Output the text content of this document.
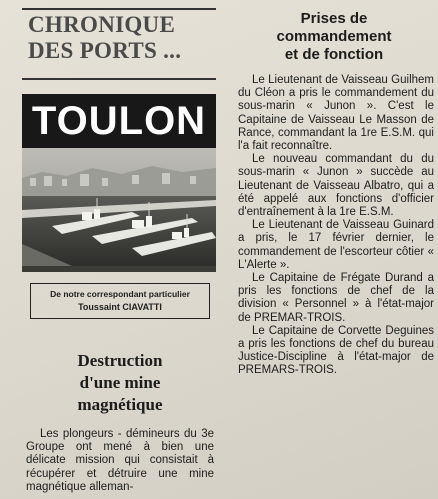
CHRONIQUE
DES PORTS ...
TOULON
De notre correspondant particulier
Toussaint CIAVATTI
Destruction
d'une mine
magnétique
Les plongeurs - démineurs du 3e Groupe ont mené à bien une délicate mission qui consistait à récupérer et détruire une mine magnétique alleman-
Prises de
commandement
et de fonction

Le Lieutenant de Vaisseau Guilhem du Cléon a pris le commandement du sous-marin « Junon ». C'est le Capitaine de Vaisseau Le Masson de Rance, commandant la 1re E.S.M. qui l'a fait reconnaître.

Le nouveau commandant du du sous-marin « Junon » succède au Lieutenant de Vaisseau Albatro, qui a été appelé aux fonctions d'officier d'entraînement à la 1re E.S.M.

Le Lieutenant de Vaisseau Guinard a pris, le 17 février dernier, le commandement de l'escorteur côtier « L'Alerte ».

Le Capitaine de Frégate Durand a pris les fonctions de chef de la division « Personnel » à l'état-major de PREMAR-TROIS.

Le Capitaine de Corvette Deguines a pris les fonctions de chef du bureau Justice-Discipline à l'état-major de PREMARS-TROIS.
